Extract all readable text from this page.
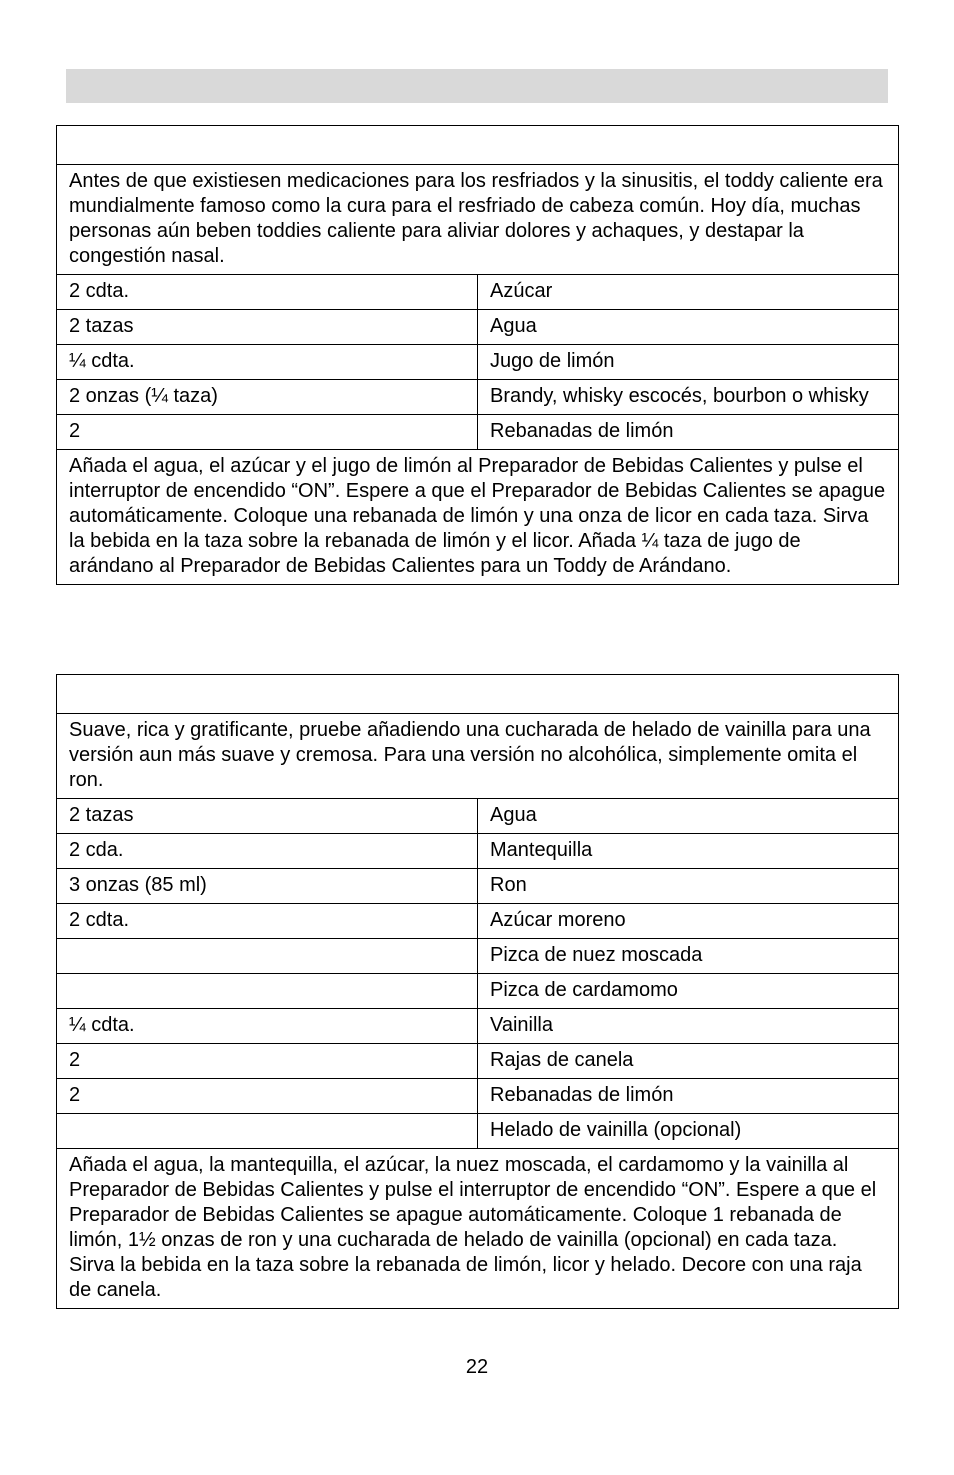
Antes de que existiesen medicaciones para los resfriados y la sinusitis, el toddy caliente era mundialmente famoso como la cura para el resfriado de cabeza común. Hoy día, muchas personas aún beben toddies caliente para aliviar dolores y achaques, y destapar la congestión nasal.	
2 cdta.	Azúcar
2 tazas	Agua
¼ cdta.	Jugo de limón
2 onzas (¼ taza)	Brandy, whisky escocés, bourbon o whisky
2	Rebanadas de limón
Añada el agua, el azúcar y el jugo de limón al Preparador de Bebidas Calientes y pulse el interruptor de encendido “ON”. Espere a que el Preparador de Bebidas Calientes se apague automáticamente. Coloque una rebanada de limón y una onza de licor en cada taza. Sirva la bebida en la taza sobre la rebanada de limón y el licor. Añada ¼ taza de jugo de arándano al Preparador de Bebidas Calientes para un Toddy de Arándano.	

Suave, rica y gratificante, pruebe añadiendo una cucharada de helado de vainilla para una versión aun más suave y cremosa. Para una versión no alcohólica, simplemente omita el ron.	
2 tazas	Agua
2 cda.	Mantequilla
3 onzas (85 ml)	Ron
2 cdta.	Azúcar moreno
	Pizca de nuez moscada
	Pizca de cardamomo
¼ cdta.	Vainilla
2	Rajas de canela
2	Rebanadas de limón
	Helado de vainilla (opcional)
Añada el agua, la mantequilla, el azúcar, la nuez moscada, el cardamomo y la vainilla al Preparador de Bebidas Calientes y pulse el interruptor de encendido “ON”. Espere a que el Preparador de Bebidas Calientes se apague automáticamente. Coloque 1 rebanada de limón, 1½ onzas de ron y una cucharada de helado de vainilla (opcional) en cada taza. Sirva la bebida en la taza sobre la rebanada de limón, licor y helado. Decore con una raja de canela.	
22
